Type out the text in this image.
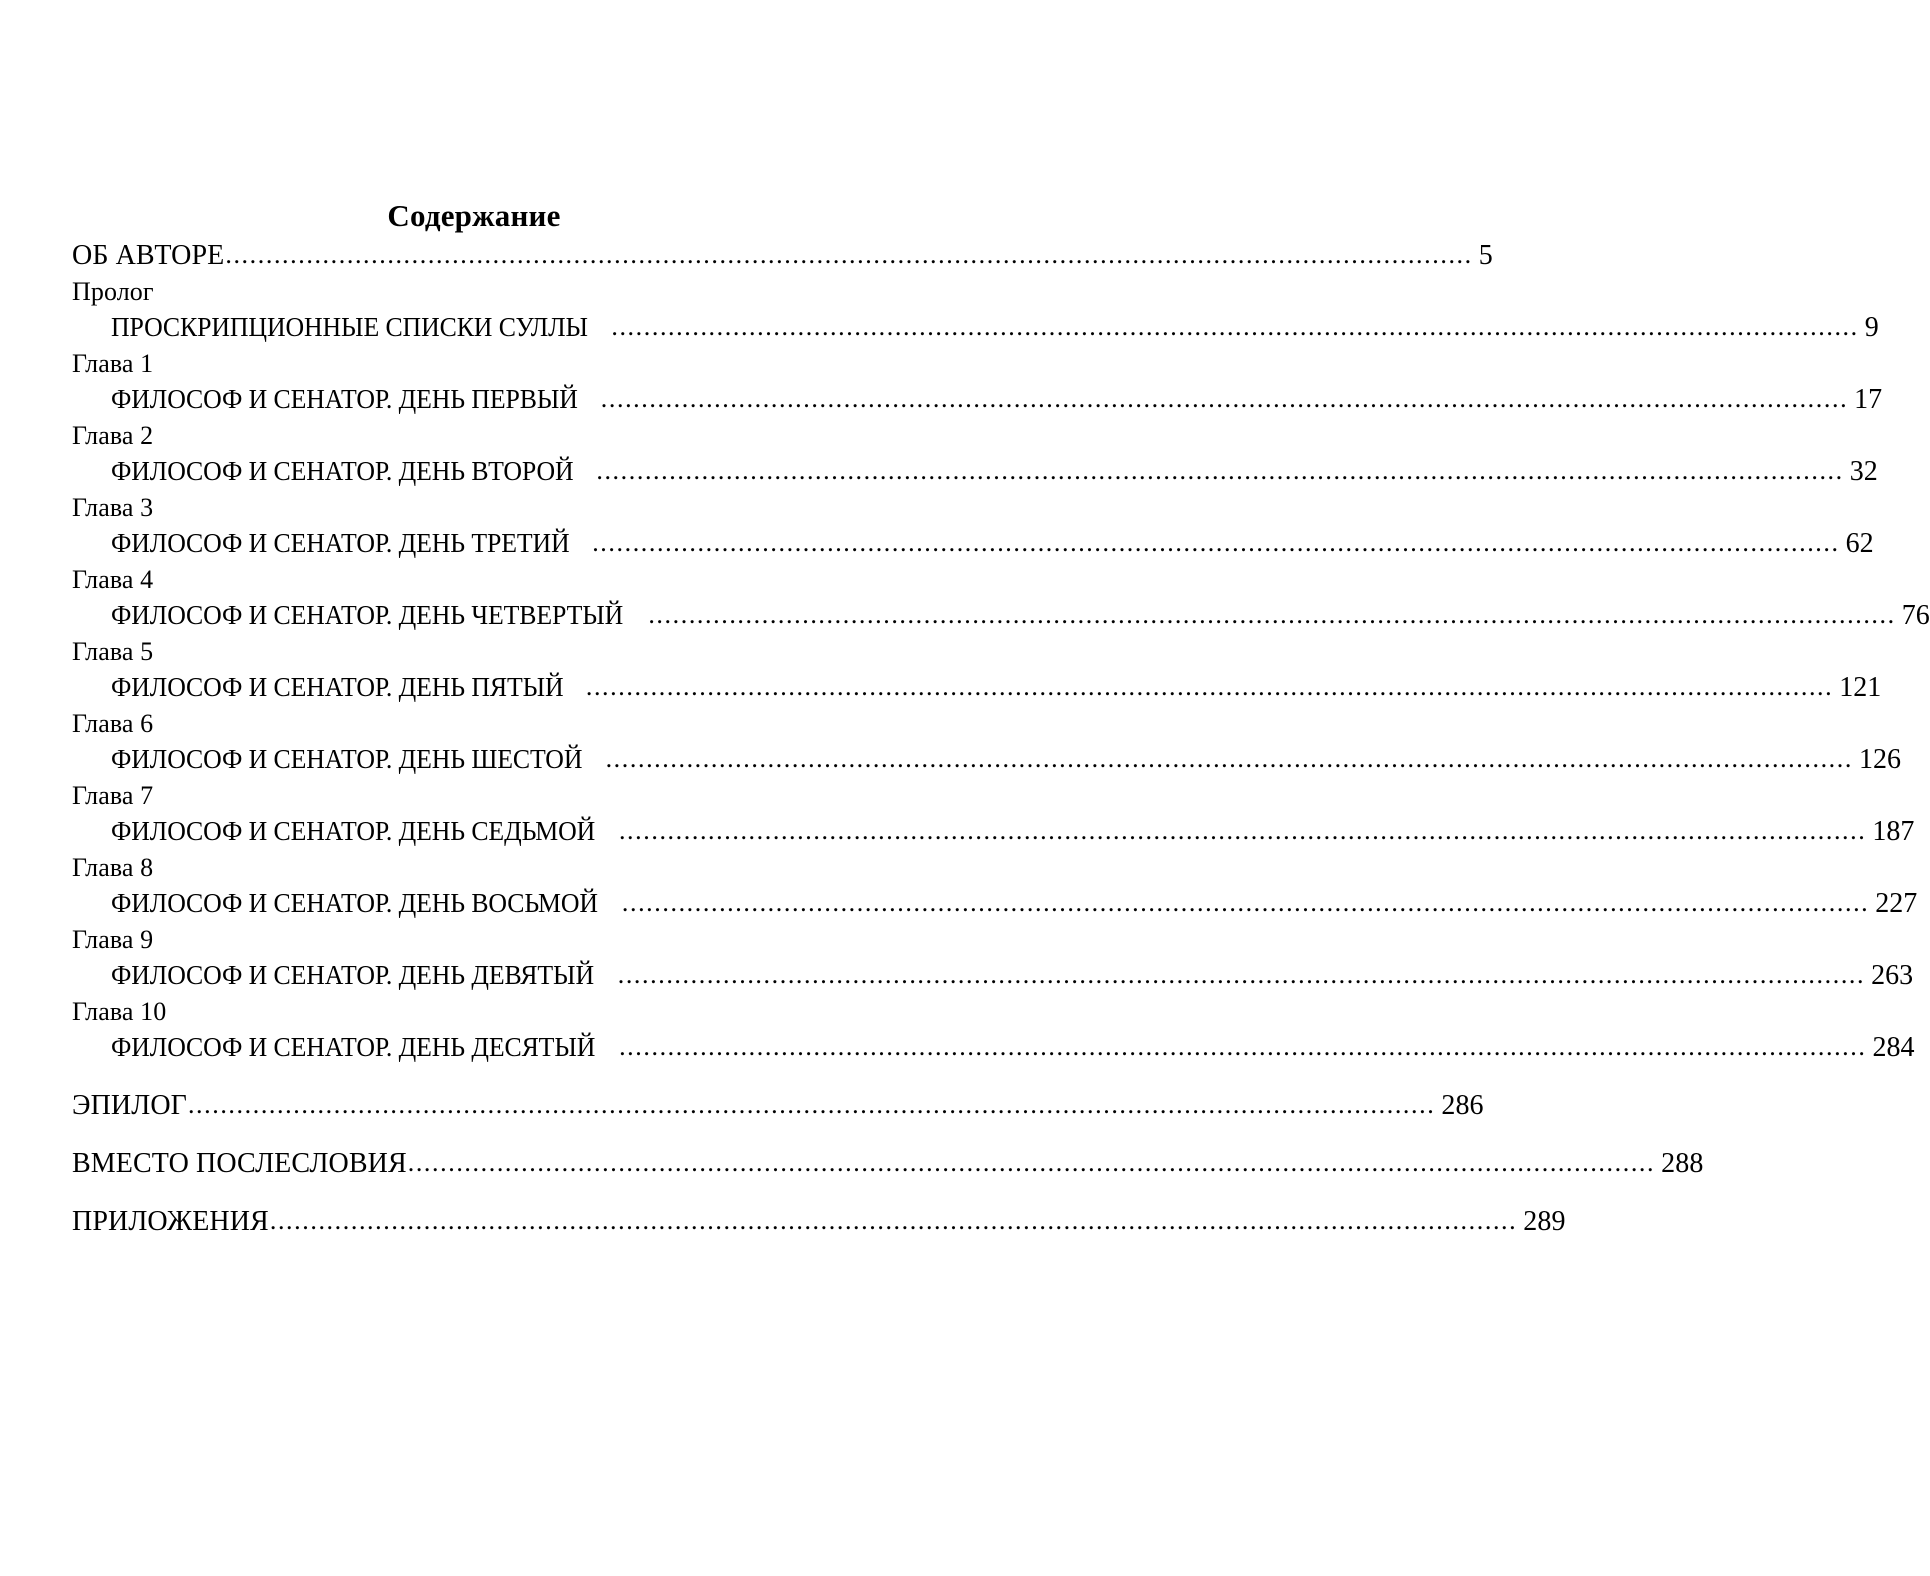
Содержание
ОБ АВТОРЕ .....	5
Пролог
ПРОСКРИПЦИОННЫЕ СПИСКИ СУЛЛЫ .....	9
Глава 1
ФИЛОСОФ И СЕНАТОР. ДЕНЬ ПЕРВЫЙ .....	17
Глава 2
ФИЛОСОФ И СЕНАТОР. ДЕНЬ ВТОРОЙ .....	32
Глава 3
ФИЛОСОФ И СЕНАТОР. ДЕНЬ ТРЕТИЙ .....	62
Глава 4
ФИЛОСОФ И СЕНАТОР. ДЕНЬ ЧЕТВЕРТЫЙ .....	76
Глава 5
ФИЛОСОФ И СЕНАТОР. ДЕНЬ ПЯТЫЙ .....	121
Глава 6
ФИЛОСОФ И СЕНАТОР. ДЕНЬ ШЕСТОЙ .....	126
Глава 7
ФИЛОСОФ И СЕНАТОР. ДЕНЬ СЕДЬМОЙ .....	187
Глава 8
ФИЛОСОФ И СЕНАТОР. ДЕНЬ ВОСЬМОЙ .....	227
Глава 9
ФИЛОСОФ И СЕНАТОР. ДЕНЬ ДЕВЯТЫЙ .....	263
Глава 10
ФИЛОСОФ И СЕНАТОР. ДЕНЬ ДЕСЯТЫЙ .....	284
ЭПИЛОГ .....	286
ВМЕСТО ПОСЛЕСЛОВИЯ .....	288
ПРИЛОЖЕНИЯ .....	289
